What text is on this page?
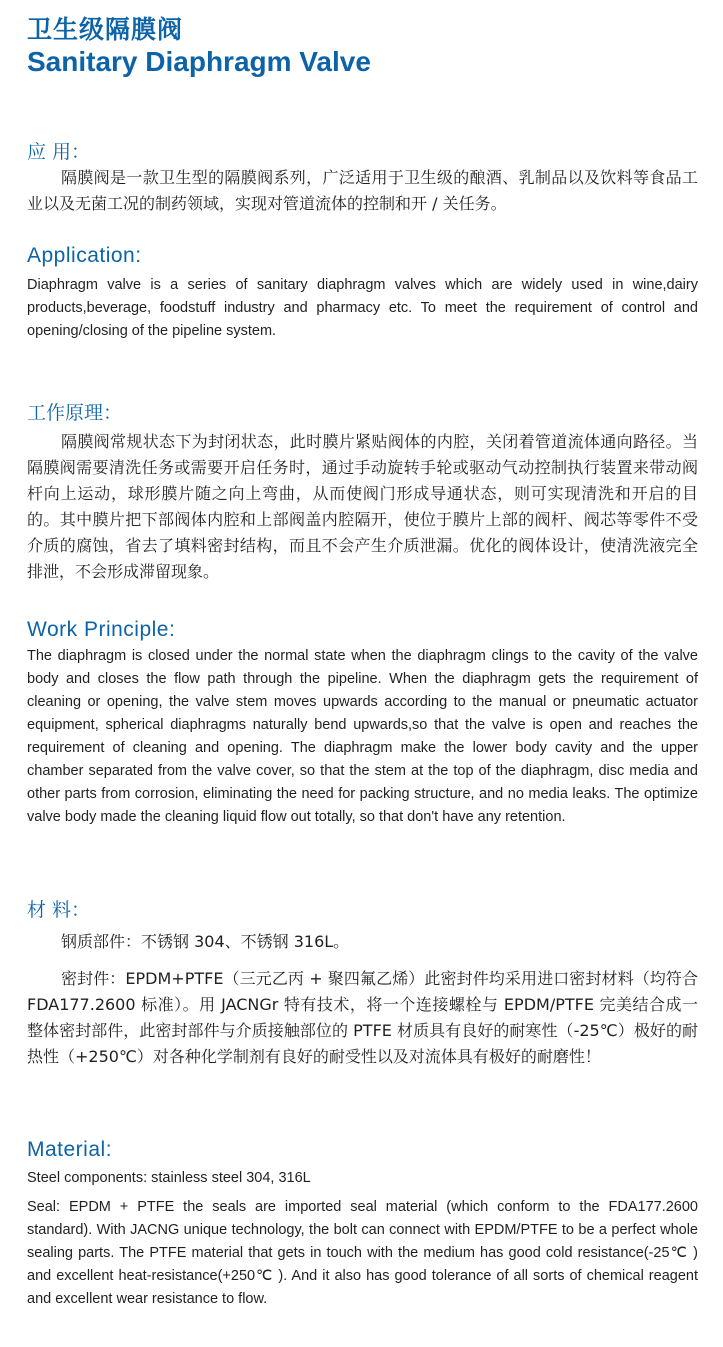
卫生级隔膜阀
Sanitary Diaphragm Valve
应 用：
隔膜阀是一款卫生型的隔膜阀系列，广泛适用于卫生级的酿酒、乳制品以及饮料等食品工业以及无菌工况的制药领域，实现对管道流体的控制和开 / 关任务。
Application:
Diaphragm valve is a series of sanitary diaphragm valves which are widely used in wine,dairy products,beverage, foodstuff industry and pharmacy etc. To meet the requirement of control and opening/closing of the pipeline system.
工作原理：
隔膜阀常规状态下为封闭状态，此时膜片紧贴阀体的内腔，关闭着管道流体通向路径。当隔膜阀需要清洗任务或需要开启任务时，通过手动旋转手轮或驱动气动控制执行装置来带动阀杆向上运动，球形膜片随之向上弯曲，从而使阀门形成导通状态，则可实现清洗和开启的目的。其中膜片把下部阀体内腔和上部阀盖内腔隔开，使位于膜片上部的阀杆、阀芯等零件不受介质的腐蚀，省去了填料密封结构，而且不会产生介质泄漏。优化的阀体设计，使清洗液完全排泄，不会形成滞留现象。
Work Principle:
The diaphragm is closed under the normal state when the diaphragm clings to the cavity of the valve body and closes the flow path through the pipeline. When the diaphragm gets the requirement of cleaning or opening, the valve stem moves upwards according to the manual or pneumatic actuator equipment, spherical diaphragms naturally bend upwards,so that the valve is open and reaches the requirement of cleaning and opening. The diaphragm make the lower body cavity and the upper chamber separated from the valve cover, so that the stem at the top of the diaphragm, disc media and other parts from corrosion, eliminating the need for packing structure, and no media leaks. The optimize valve body made the cleaning liquid flow out totally, so that don't have any retention.
材 料：
钢质部件：不锈钢 304、不锈钢 316L。
密封件：EPDM+PTFE（三元乙丙 + 聚四氟乙烯）此密封件均采用进口密封材料（均符合 FDA177.2600 标准）。用 JACNGr 特有技术，将一个连接螺栓与 EPDM/PTFE 完美结合成一整体密封部件，此密封部件与介质接触部位的 PTFE 材质具有良好的耐寒性（-25℃）极好的耐热性（+250℃）对各种化学制剂有良好的耐受性以及对流体具有极好的耐磨性！
Material:
Steel components: stainless steel 304, 316L
Seal: EPDM + PTFE the seals are imported seal material (which conform to the FDA177.2600 standard). With JACNG unique technology, the bolt can connect with EPDM/PTFE to be a perfect whole sealing parts. The PTFE material that gets in touch with the medium has good cold resistance(-25℃ ) and excellent heat-resistance(+250℃ ). And it also has good tolerance of all sorts of chemical reagent and excellent wear resistance to flow.
